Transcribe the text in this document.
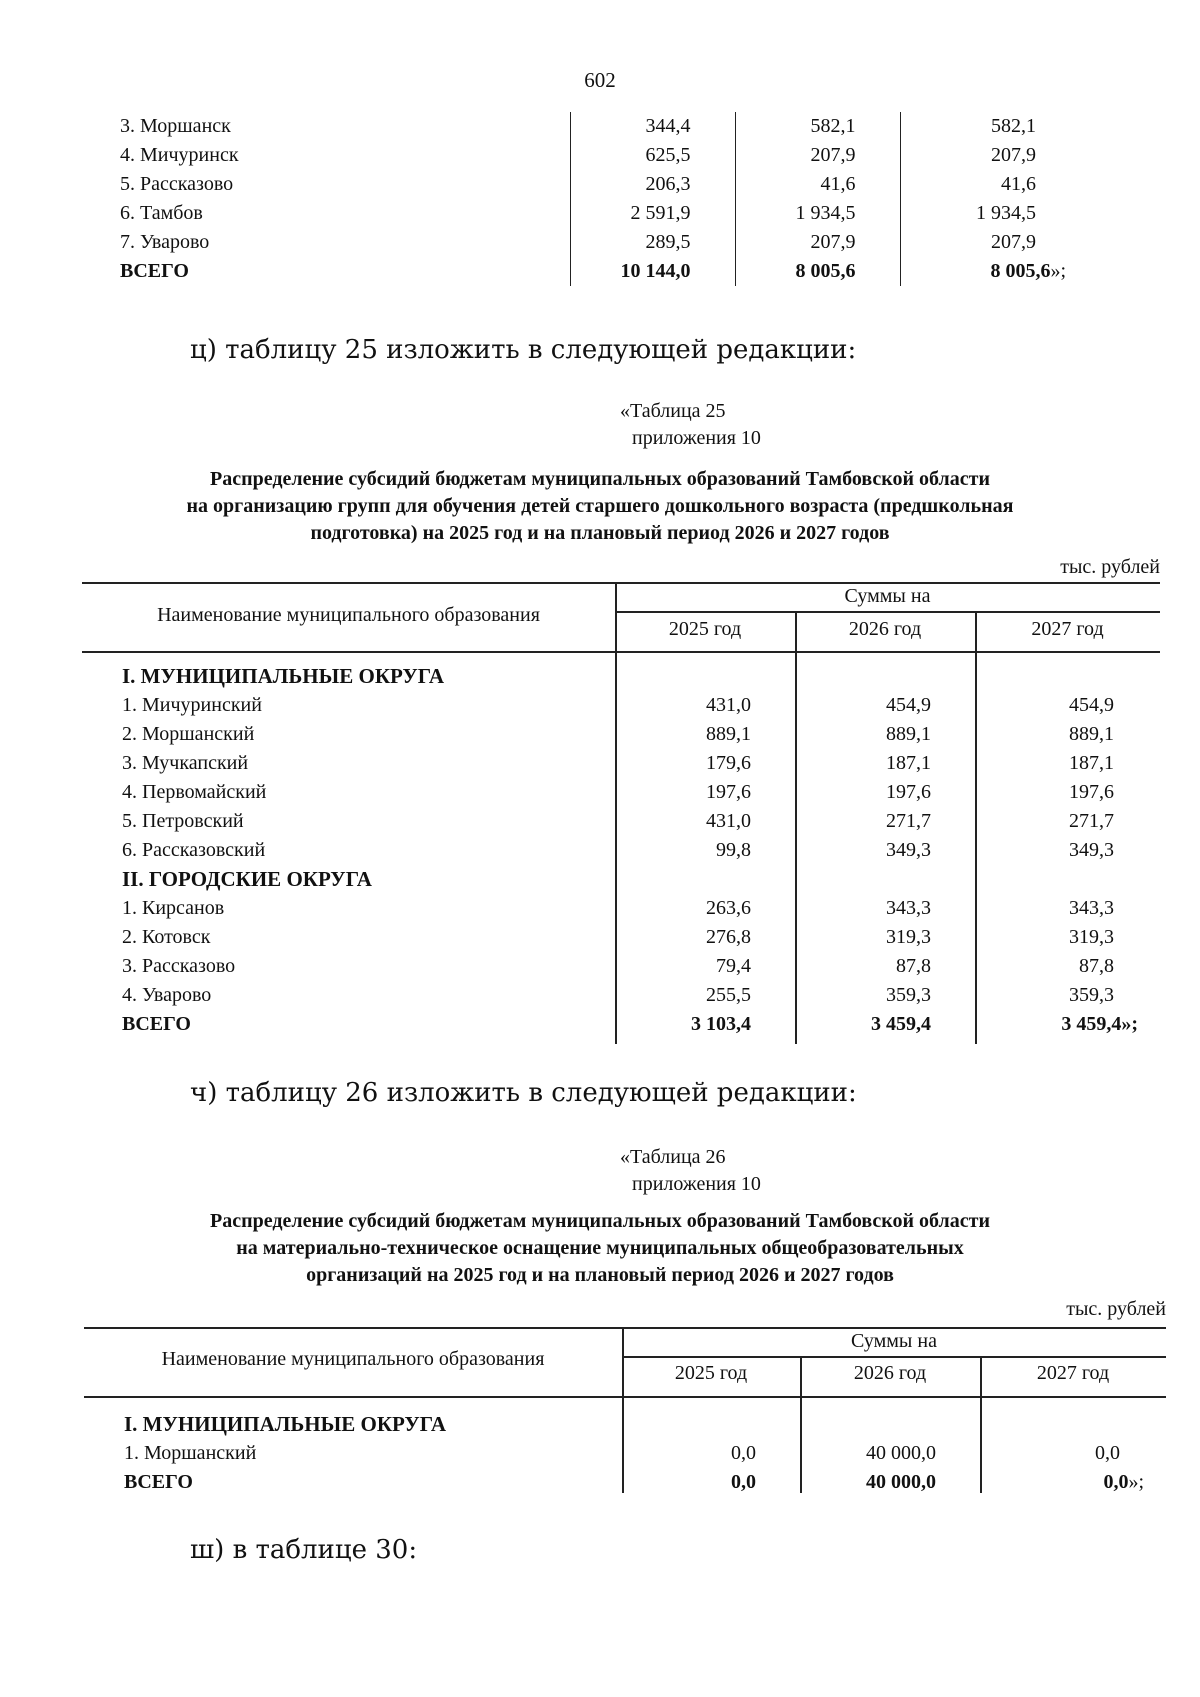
602
3. Моршанск	344,4	582,1	582,1
4. Мичуринск	625,5	207,9	207,9
5. Рассказово	206,3	41,6	41,6
6. Тамбов	2 591,9	1 934,5	1 934,5
7. Уварово	289,5	207,9	207,9
ВСЕГО	10 144,0	8 005,6	8 005,6»;
ц) таблицу 25 изложить в следующей редакции:
«Таблица 25
приложения 10
Распределение субсидий бюджетам муниципальных образований Тамбовской области
на организацию групп для обучения детей старшего дошкольного возраста (предшкольная
подготовка) на 2025 год и на плановый период 2026 и 2027 годов
тыс. рублей
Наименование муниципального образования
Суммы на
2025 год	2026 год	2027 год
I. МУНИЦИПАЛЬНЫЕ ОКРУГА			
1. Мичуринский	431,0	454,9	454,9
2. Моршанский	889,1	889,1	889,1
3. Мучкапский	179,6	187,1	187,1
4. Первомайский	197,6	197,6	197,6
5. Петровский	431,0	271,7	271,7
6. Рассказовский	99,8	349,3	349,3
II. ГОРОДСКИЕ ОКРУГА			
1. Кирсанов	263,6	343,3	343,3
2. Котовск	276,8	319,3	319,3
3. Рассказово	79,4	87,8	87,8
4. Уварово	255,5	359,3	359,3
ВСЕГО	3 103,4	3 459,4	3 459,4»;
ч) таблицу 26 изложить в следующей редакции:
«Таблица 26
приложения 10
Распределение субсидий бюджетам муниципальных образований Тамбовской области
на материально-техническое оснащение муниципальных общеобразовательных
организаций на 2025 год и на плановый период 2026 и 2027 годов
тыс. рублей
Наименование муниципального образования
Суммы на
2025 год	2026 год	2027 год
I. МУНИЦИПАЛЬНЫЕ ОКРУГА			
1. Моршанский	0,0	40 000,0	0,0
ВСЕГО	0,0	40 000,0	0,0»;
ш) в таблице 30:
